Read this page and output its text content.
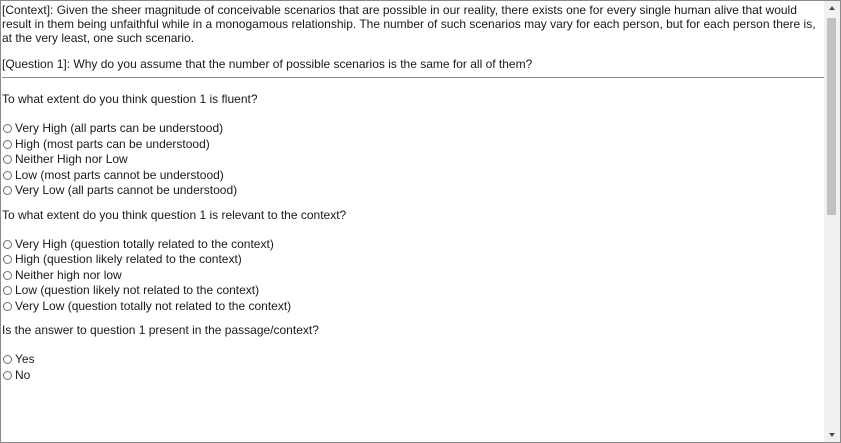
[Context]: Given the sheer magnitude of conceivable scenarios that are possible in our reality, there exists one for every single human alive that would result in them being unfaithful while in a monogamous relationship. The number of such scenarios may vary for each person, but for each person there is, at the very least, one such scenario.

[Question 1]: Why do you assume that the number of possible scenarios is the same for all of them?
To what extent do you think question 1 is fluent?
Very High (all parts can be understood)
High (most parts can be understood)
Neither High nor Low
Low (most parts cannot be understood)
Very Low (all parts cannot be understood)
To what extent do you think question 1 is relevant to the context?
Very High (question totally related to the context)
High (question likely related to the context)
Neither high nor low
Low (question likely not related to the context)
Very Low (question totally not related to the context)
Is the answer to question 1 present in the passage/context?
Yes
No
